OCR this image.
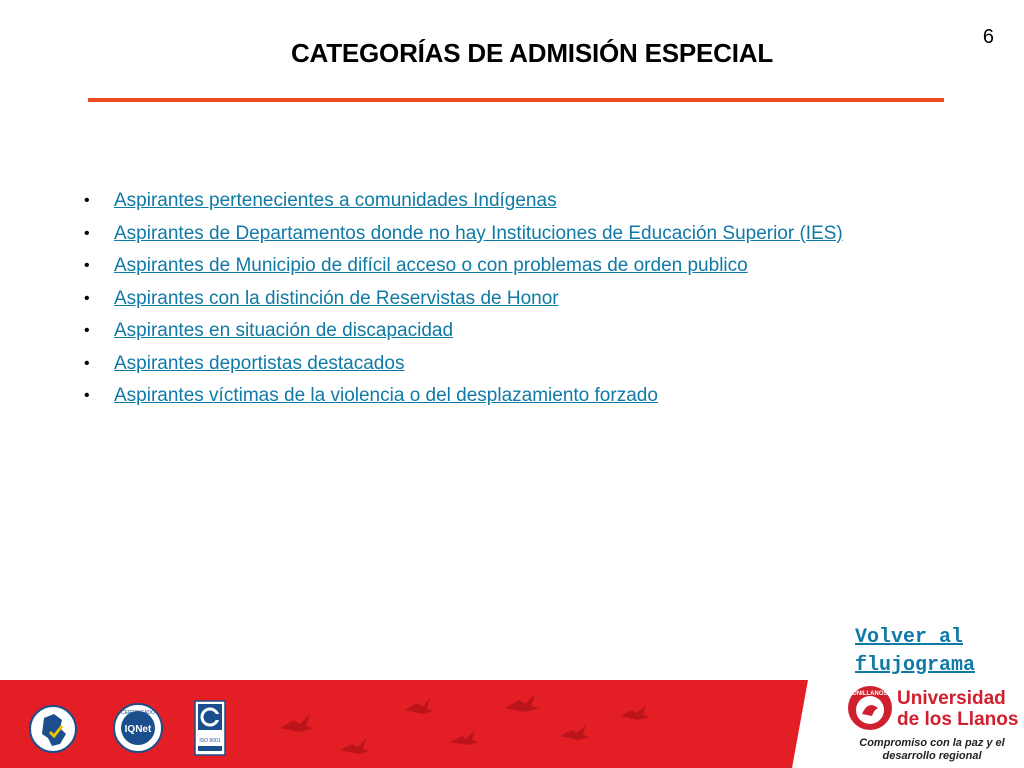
6
CATEGORÍAS DE ADMISIÓN ESPECIAL
•	Aspirantes pertenecientes a comunidades Indígenas
•	Aspirantes de Departamentos donde no hay Instituciones de Educación Superior (IES)
•	Aspirantes de Municipio de difícil acceso o con problemas de orden publico
•	Aspirantes con la distinción de Reservistas de Honor
•	Aspirantes en situación de discapacidad
•	Aspirantes deportistas destacados
•	Aspirantes víctimas de la violencia o del desplazamiento forzado
Volver al flujograma
IQNet
CERTIFICADO
ISO 9001
UNILLANOS Universidad
de los Llanos
Compromiso con la paz y el desarrollo regional
